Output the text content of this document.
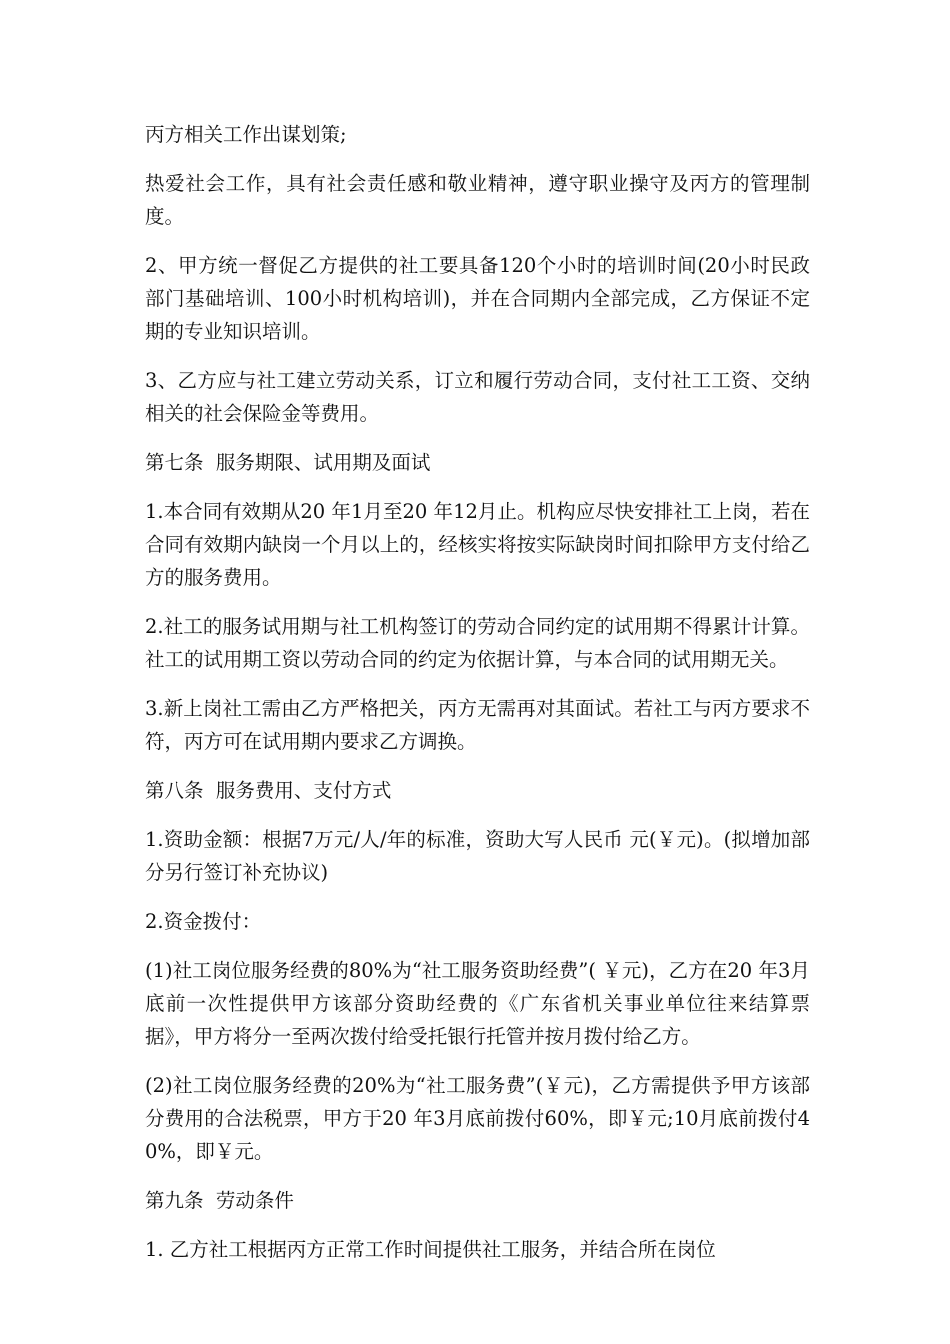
丙方相关工作出谋划策;

热爱社会工作，具有社会责任感和敬业精神，遵守职业操守及丙方的管理制度。

2、甲方统一督促乙方提供的社工要具备120个小时的培训时间(20小时民政部门基础培训、100小时机构培训)，并在合同期内全部完成，乙方保证不定期的专业知识培训。

3、乙方应与社工建立劳动关系，订立和履行劳动合同，支付社工工资、交纳相关的社会保险金等费用。

第七条  服务期限、试用期及面试

1.本合同有效期从20 年1月至20 年12月止。机构应尽快安排社工上岗，若在合同有效期内缺岗一个月以上的，经核实将按实际缺岗时间扣除甲方支付给乙方的服务费用。

2.社工的服务试用期与社工机构签订的劳动合同约定的试用期不得累计计算。社工的试用期工资以劳动合同的约定为依据计算，与本合同的试用期无关。

3.新上岗社工需由乙方严格把关，丙方无需再对其面试。若社工与丙方要求不符，丙方可在试用期内要求乙方调换。

第八条  服务费用、支付方式

1.资助金额：根据7万元/人/年的标准，资助大写人民币 元(￥元)。(拟增加部分另行签订补充协议)

2.资金拨付：

(1)社工岗位服务经费的80%为“社工服务资助经费”( ￥元)，乙方在20 年3月底前一次性提供甲方该部分资助经费的《广东省机关事业单位往来结算票据》，甲方将分一至两次拨付给受托银行托管并按月拨付给乙方。

(2)社工岗位服务经费的20%为“社工服务费”(￥元)，乙方需提供予甲方该部分费用的合法税票，甲方于20 年3月底前拨付60%，即￥元;10月底前拨付40%，即￥元。

第九条  劳动条件

1. 乙方社工根据丙方正常工作时间提供社工服务，并结合所在岗位
